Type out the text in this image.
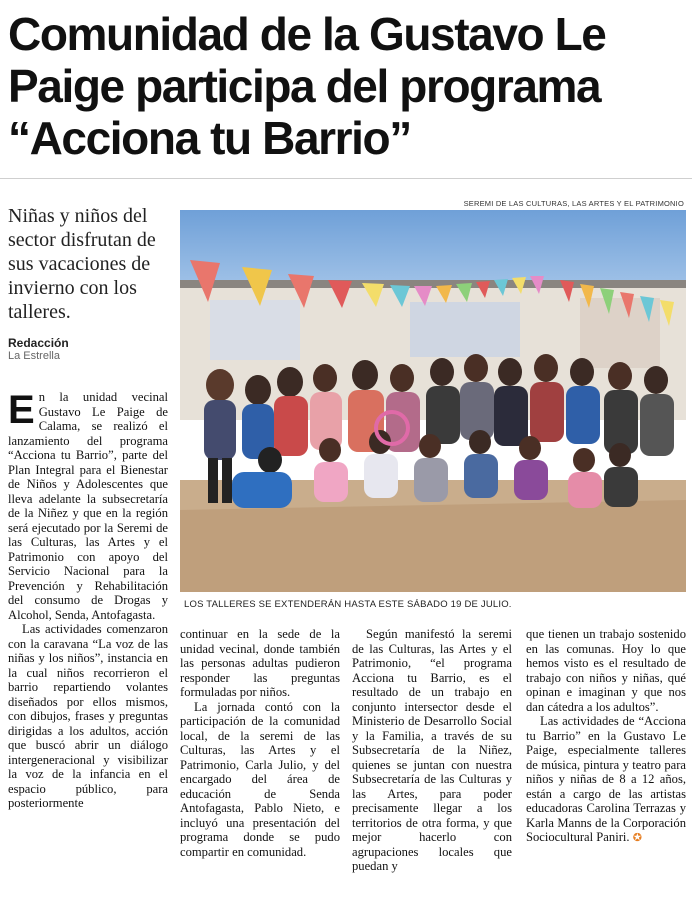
Comunidad de la Gustavo Le Paige participa del programa “Acciona tu Barrio”
Niñas y niños del sector disfrutan de sus vacaciones de invierno con los talleres.
Redacción
La Estrella
SEREMI DE LAS CULTURAS, LAS ARTES Y EL PATRIMONIO
LOS TALLERES SE EXTENDERÁN HASTA ESTE SÁBADO 19 DE JULIO.
E n la unidad vecinal Gustavo Le Paige de Calama, se realizó el lanzamiento del programa “Acciona tu Barrio”, parte del Plan Integral para el Bienestar de Niños y Adolescentes que lleva adelante la subsecretaría de la Niñez y que en la región será ejecutado por la Seremi de las Culturas, las Artes y el Patrimonio con apoyo del Servicio Nacional para la Prevención y Rehabilitación del consumo de Drogas y Alcohol, Senda, Antofagasta.

Las actividades comenzaron con la caravana “La voz de las niñas y los niños”, instancia en la cual niños recorrieron el barrio repartiendo volantes diseñados por ellos mismos, con dibujos, frases y preguntas dirigidas a los adultos, acción que buscó abrir un diálogo intergeneracional y visibilizar la voz de la infancia en el espacio público, para posteriormente

continuar en la sede de la unidad vecinal, donde también las personas adultas pudieron responder las preguntas formuladas por niños.

La jornada contó con la participación de la comunidad local, de la seremi de las Culturas, las Artes y el Patrimonio, Carla Julio, y del encargado del área de educación de Senda Antofagasta, Pablo Nieto, e incluyó una presentación del programa donde se pudo compartir en comunidad.

Según manifestó la seremi de las Culturas, las Artes y el Patrimonio, “el programa Acciona tu Barrio, es el resultado de un trabajo en conjunto intersector desde el Ministerio de Desarrollo Social y la Familia, a través de su Subsecretaría de la Niñez, quienes se juntan con nuestra Subsecretaría de las Culturas y las Artes, para poder precisamente llegar a los territorios de otra forma, y que mejor hacerlo con agrupaciones locales que puedan y

que tienen un trabajo sostenido en las comunas. Hoy lo que hemos visto es el resultado de trabajo con niños y niñas, qué opinan e imaginan y que nos dan cátedra a los adultos”.

Las actividades de “Acciona tu Barrio” en la Gustavo Le Paige, especialmente talleres de música, pintura y teatro para niños y niñas de 8 a 12 años, están a cargo de las artistas educadoras Carolina Terrazas y Karla Manns de la Corporación Sociocultural Paniri. ✪
